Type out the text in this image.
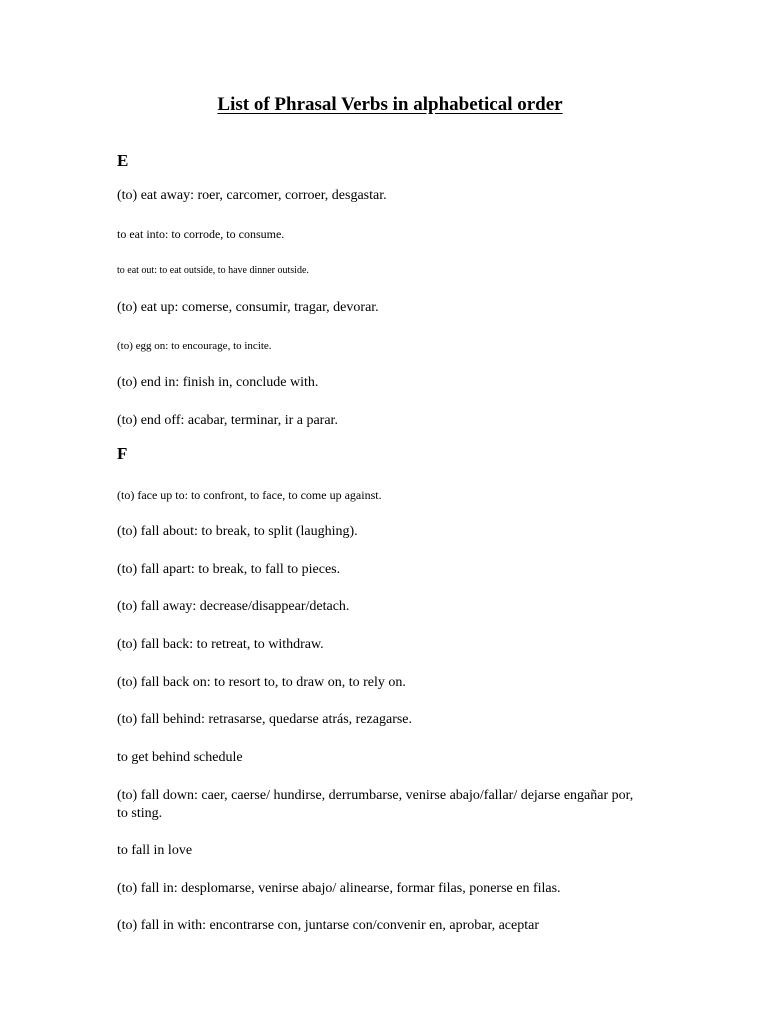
List of Phrasal Verbs in alphabetical order
E
(to) eat away: roer, carcomer, corroer, desgastar.
to eat into: to corrode, to consume.
to eat out: to eat outside, to have dinner outside.
(to) eat up: comerse, consumir, tragar, devorar.
(to) egg on: to encourage, to incite.
(to) end in: finish in, conclude with.
(to) end off: acabar, terminar, ir a parar.
F
(to) face up to: to confront, to face, to come up against.
(to) fall about: to break, to split (laughing).
(to) fall apart: to break, to fall to pieces.
(to) fall away: decrease/disappear/detach.
(to) fall back: to retreat, to withdraw.
(to) fall back on: to resort to, to draw on, to rely on.
(to) fall behind: retrasarse, quedarse atrás, rezagarse.
to get behind schedule
(to) fall down: caer, caerse/ hundirse, derrumbarse, venirse abajo/fallar/ dejarse engañar por, to sting.
to fall in love
(to) fall in: desplomarse, venirse abajo/ alinearse, formar filas, ponerse en filas.
(to) fall in with: encontrarse con, juntarse con/convenir en, aprobar, aceptar
